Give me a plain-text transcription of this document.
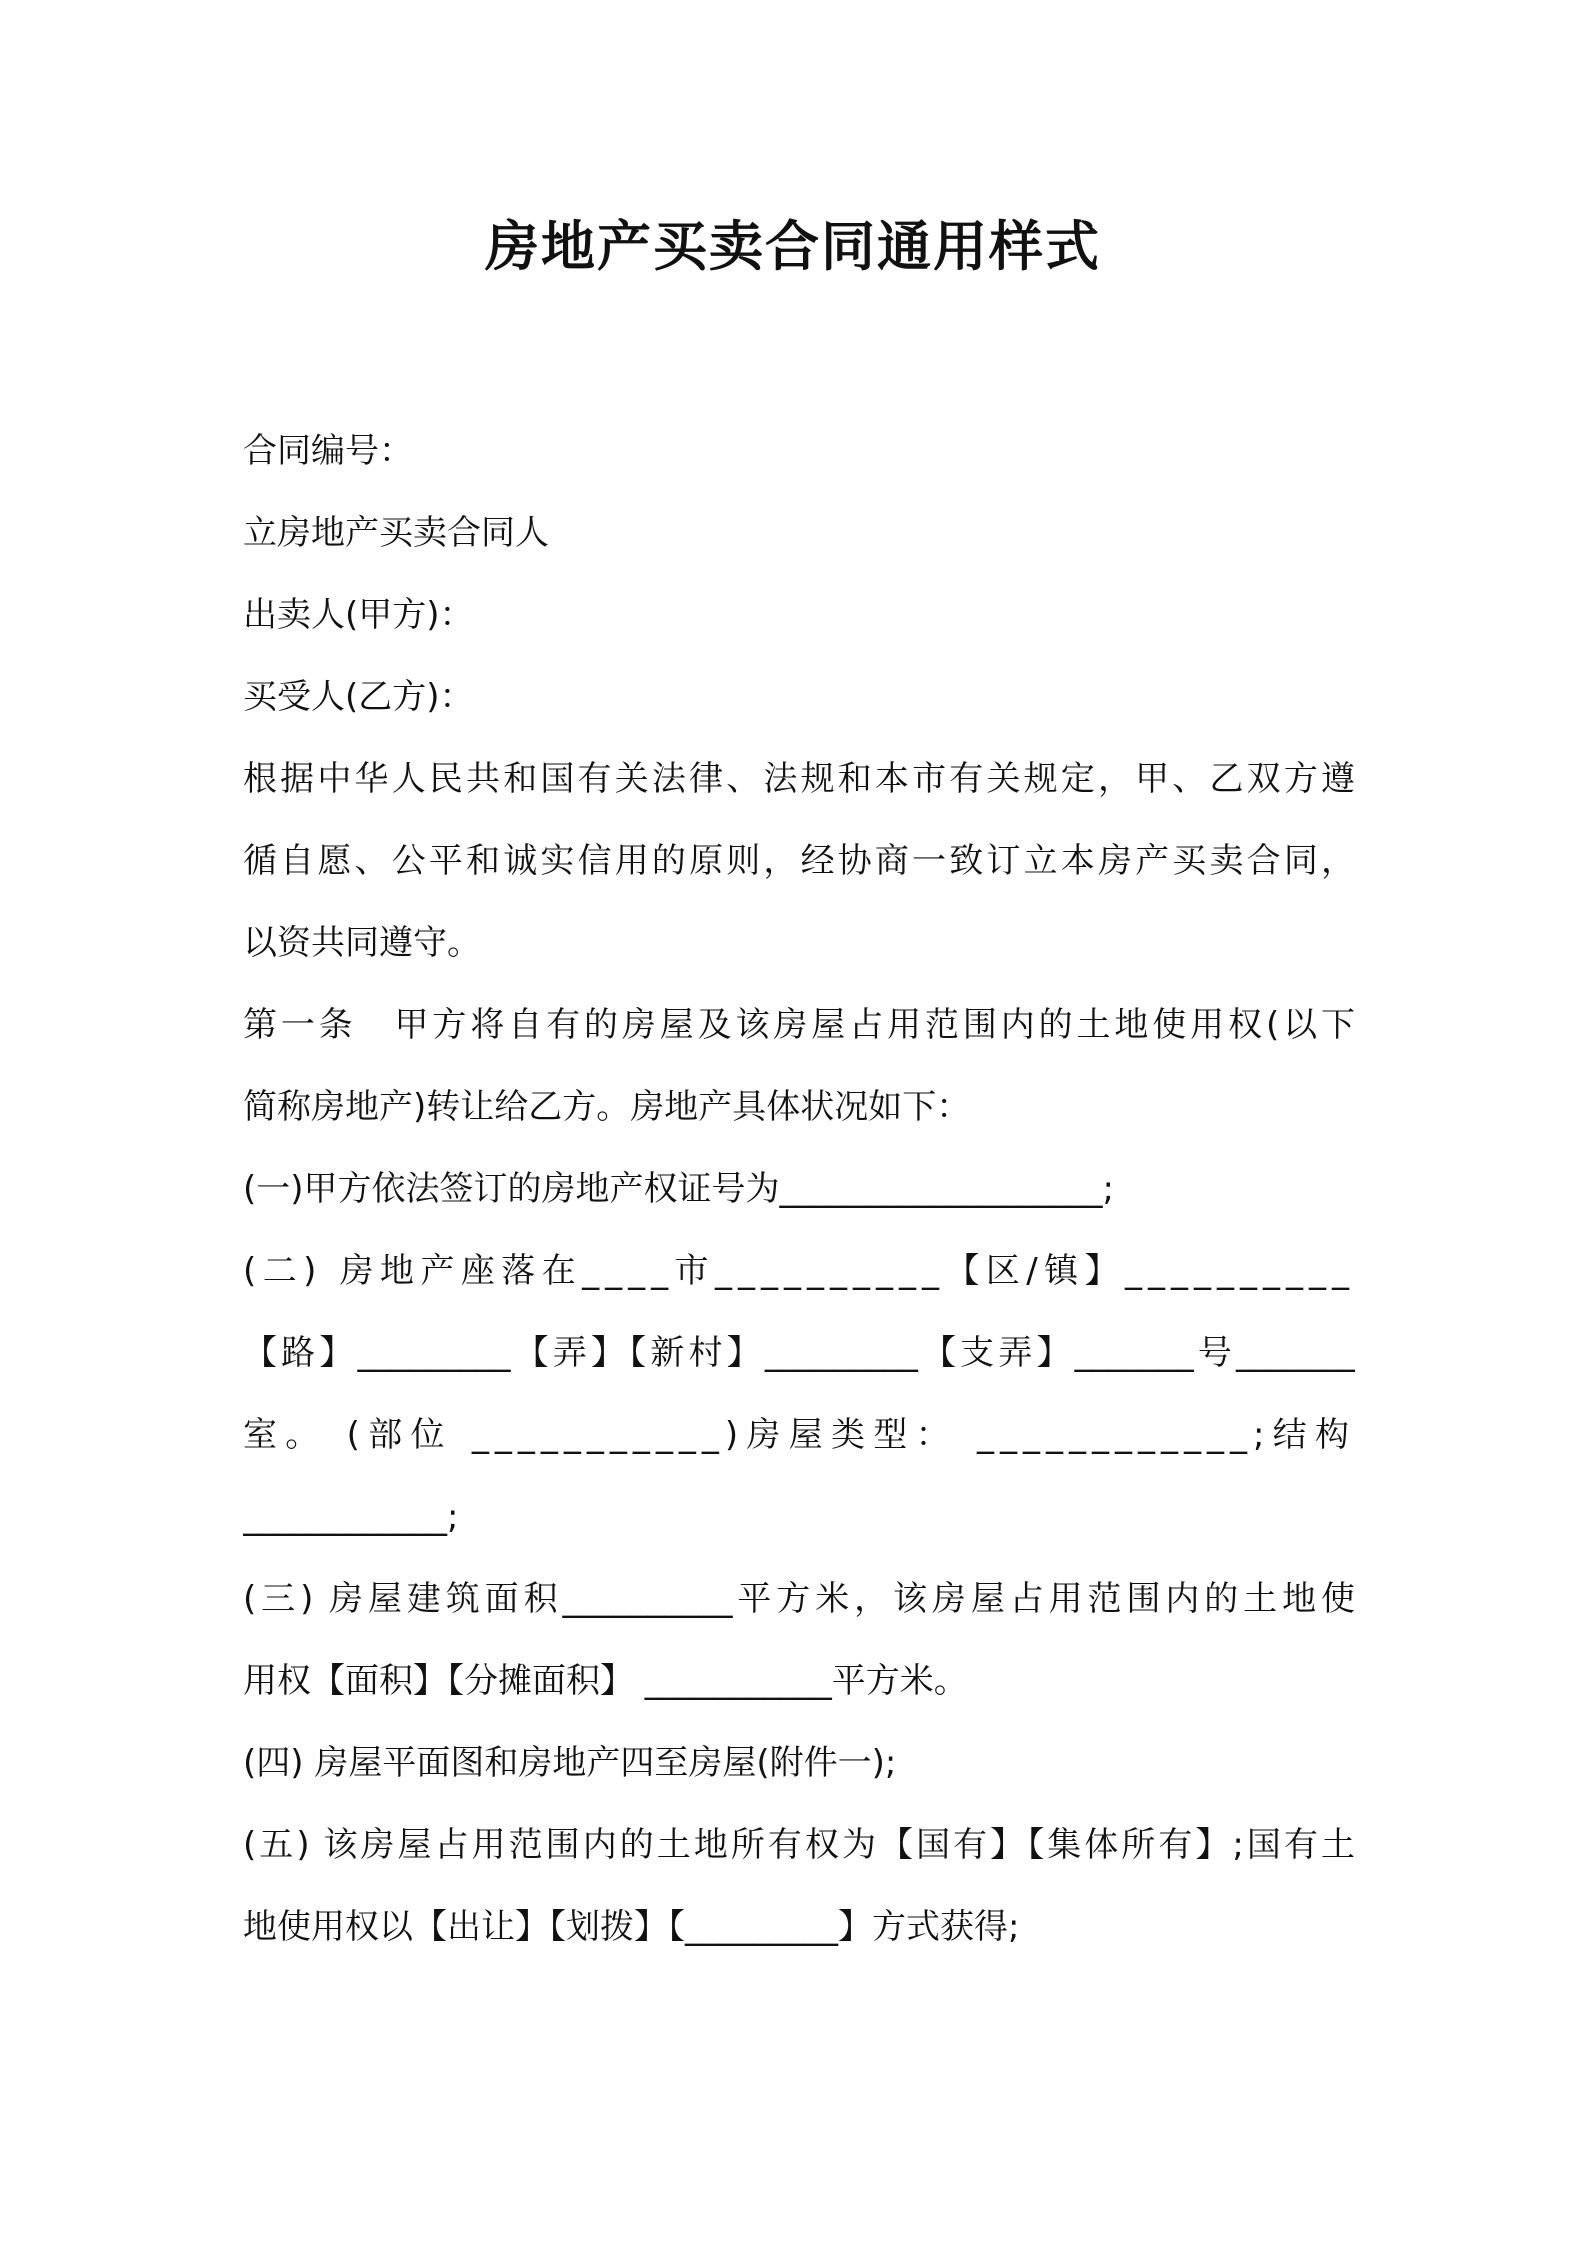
房地产买卖合同通用样式
合同编号：
立房地产买卖合同人
出卖人(甲方)：
买受人(乙方)：
根据中华人民共和国有关法律、法规和本市有关规定，甲、乙双方遵
循自愿、公平和诚实信用的原则，经协商一致订立本房产买卖合同，
以资共同遵守。
第一条　甲方将自有的房屋及该房屋占用范围内的土地使用权(以下
简称房地产)转让给乙方。房地产具体状况如下：
(一)甲方依法签订的房地产权证号为___________________;
(二) 房地产座落在____市__________【区/镇】__________
【路】_________【弄】【新村】_________【支弄】_______号_______
室。 (部位 ___________)房屋类型： ____________;结构
____________;
(三) 房屋建筑面积__________平方米，该房屋占用范围内的土地使
用权【面积】【分摊面积】 ___________平方米。
(四) 房屋平面图和房地产四至房屋(附件一);
(五) 该房屋占用范围内的土地所有权为【国有】【集体所有】;国有土
地使用权以【出让】【划拨】【_________】方式获得;
